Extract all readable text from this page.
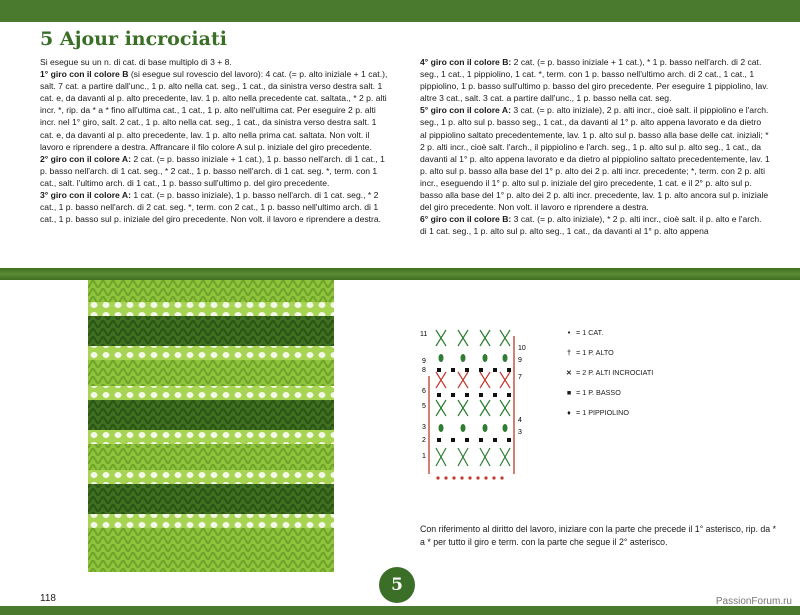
5 Ajour incrociati

Si esegue su un n. di cat. di base multiplo di 3 + 8.

1° giro con il colore B (si esegue sul rovescio del lavoro): 4 cat. (= p. alto iniziale + 1 cat.), salt. 7 cat. a partire dall'unc., 1 p. alto nella cat. seg., 1 cat., da sinistra verso destra salt. 1 cat. e, da davanti al p. alto precedente, lav. 1 p. alto nella precedente cat. saltata., * 2 p. alti incr. *, rip. da * a * fino all'ultima cat., 1 cat., 1 p. alto nell'ultima cat. Per eseguire 2 p. alti incr. nel 1° giro, salt. 2 cat., 1 p. alto nella cat. seg., 1 cat., da sinistra verso destra salt. 1 cat. e, da davanti al p. alto precedente, lav. 1 p. alto nella prima cat. saltata. Non volt. il lavoro e riprendere a destra. Affrancare il filo colore A sul p. iniziale del giro precedente.

2° giro con il colore A: 2 cat. (= p. basso iniziale + 1 cat.), 1 p. basso nell'arch. di 1 cat., 1 p. basso nell'arch. di 1 cat. seg., * 2 cat., 1 p. basso nell'arch. di 1 cat. seg. *, term. con 1 cat., salt. l'ultimo arch. di 1 cat., 1 p. basso sull'ultimo p. del giro precedente.

3° giro con il colore A: 1 cat. (= p. basso iniziale), 1 p. basso nell'arch. di 1 cat. seg., * 2 cat., 1 p. basso nell'arch. di 2 cat. seg. *, term. con 2 cat., 1 p. basso nell'ultimo arch. di 1 cat., 1 p. basso sul p. iniziale del giro precedente. Non volt. il lavoro e riprendere a destra.

4° giro con il colore B: 2 cat. (= p. basso iniziale + 1 cat.), * 1 p. basso nell'arch. di 2 cat. seg., 1 cat., 1 pippiolino, 1 cat. *, term. con 1 p. basso nell'ultimo arch. di 2 cat., 1 cat., 1 pippiolino, 1 p. basso sull'ultimo p. basso del giro precedente. Per eseguire 1 pippiolino, lav. altre 3 cat., salt. 3 cat. a partire dall'unc., 1 p. basso nella cat. seg.

5° giro con il colore A: 3 cat. (= p. alto iniziale), 2 p. alti incr., cioè salt. il pippiolino e l'arch. seg., 1 p. alto sul p. basso seg., 1 cat., da davanti al 1° p. alto appena lavorato e da dietro al pippiolino saltato precedentemente, lav. 1 p. alto sul p. basso alla base delle cat. iniziali; * 2 p. alti incr., cioè salt. l'arch., il pippiolino e l'arch. seg., 1 p. alto sul p. alto seg., 1 cat., da davanti al 1° p. alto appena lavorato e da dietro al pippiolino saltato precedentemente, lav. 1 p. alto sul p. basso alla base del 1° p. alto dei 2 p. alti incr. precedente; *, term. con 2 p. alti incr., eseguendo il 1° p. alto sul p. iniziale del giro precedente, 1 cat. e il 2° p. alto sul p. basso alla base del 1° p. alto dei 2 p. alti incr. precedente, lav. 1 p. alto ancora sul p. iniziale del giro precedente. Non volt. il lavoro e riprendere a destra.

6° giro con il colore B: 3 cat. (= p. alto iniziale), * 2 p. alti incr., cioè salt. il p. alto e l'arch. di 1 cat. seg., 1 p. alto sul p. alto seg., 1 cat., da davanti al 1° p. alto appena

11
9
8
6
5
3
2
1
10
9
7
4
3
• = 1 CAT.
† = 1 P. ALTO
✕ = 2 P. ALTI INCROCIATI
■ = 1 P. BASSO
♦ = 1 PIPPIOLINO
Con riferimento al diritto del lavoro, iniziare con la parte che precede il 1° asterisco, rip. da * a * per tutto il giro e term. con la parte che segue il 2° asterisco.
118
5
PassionForum.ru
